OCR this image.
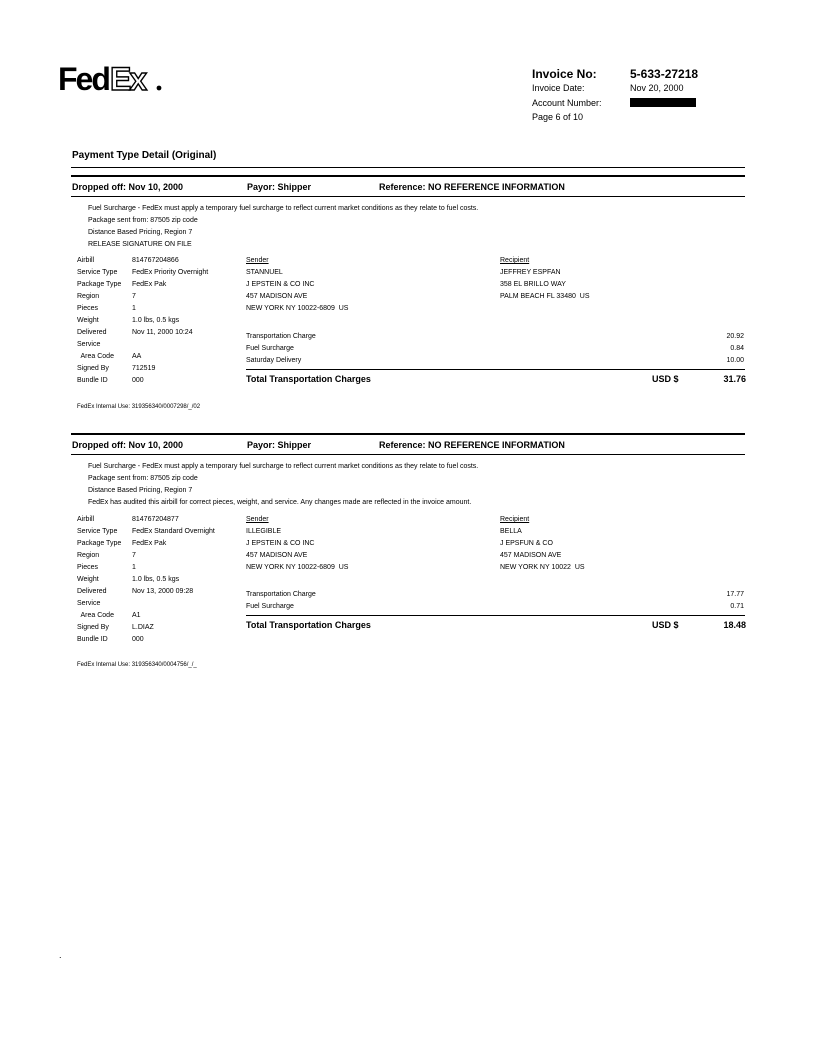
Fed Ex	Invoice No:	5-633-27218
Invoice Date:	Nov 20, 2000
Account Number:
Page 6 of 10
Payment Type Detail (Original)
Dropped off: Nov 10, 2000	Payor: Shipper	Reference: NO REFERENCE INFORMATION
Fuel Surcharge - FedEx must apply a temporary fuel surcharge to reflect current market conditions as they relate to fuel costs.
Package sent from: 87505 zip code
Distance Based Pricing, Region 7
RELEASE SIGNATURE ON FILE
Airbill	814767204866
Service Type FedEx Priority Overnight
Package Type FedEx Pak
Region	7
Pieces	1
Weight	1.0 lbs, 0.5 kgs
Delivered	Nov 11, 2000 10:24
Service
Area Code	AA
Signed By	712519
Bundle ID	000
Sender
STANNUEL
J EPSTEIN & CO INC
457 MADISON AVE
NEW YORK NY 10022-6809  US
Recipient
JEFFREY ESPFAN
358 EL BRILLO WAY
PALM BEACH FL 33480  US
Transportation Charge	20.92
Fuel Surcharge	0.84
Saturday Delivery	10.00
Total Transportation Charges	USD $	31.76
FedEx Internal Use: 319356340/0007298/_/02
Dropped off: Nov 10, 2000	Payor: Shipper	Reference: NO REFERENCE INFORMATION
Fuel Surcharge - FedEx must apply a temporary fuel surcharge to reflect current market conditions as they relate to fuel costs.
Package sent from: 87505 zip code
Distance Based Pricing, Region 7
FedEx has audited this airbill for correct pieces, weight, and service. Any changes made are reflected in the invoice amount.
Airbill	814767204877
Service Type FedEx Standard Overnight
Package Type FedEx Pak
Region	7
Pieces	1
Weight	1.0 lbs, 0.5 kgs
Delivered	Nov 13, 2000 09:28
Service
Area Code	A1
Signed By	L.DIAZ
Bundle ID	000
Sender
ILLEGIBLE
J EPSTEIN & CO INC
457 MADISON AVE
NEW YORK NY 10022-6809  US
Recipient
BELLA
J EPSFUN & CO
457 MADISON AVE
NEW YORK NY 10022  US
Transportation Charge	17.77
Fuel Surcharge	0.71
Total Transportation Charges	USD $	18.48
FedEx Internal Use: 319356340/0004756/_/_
.
